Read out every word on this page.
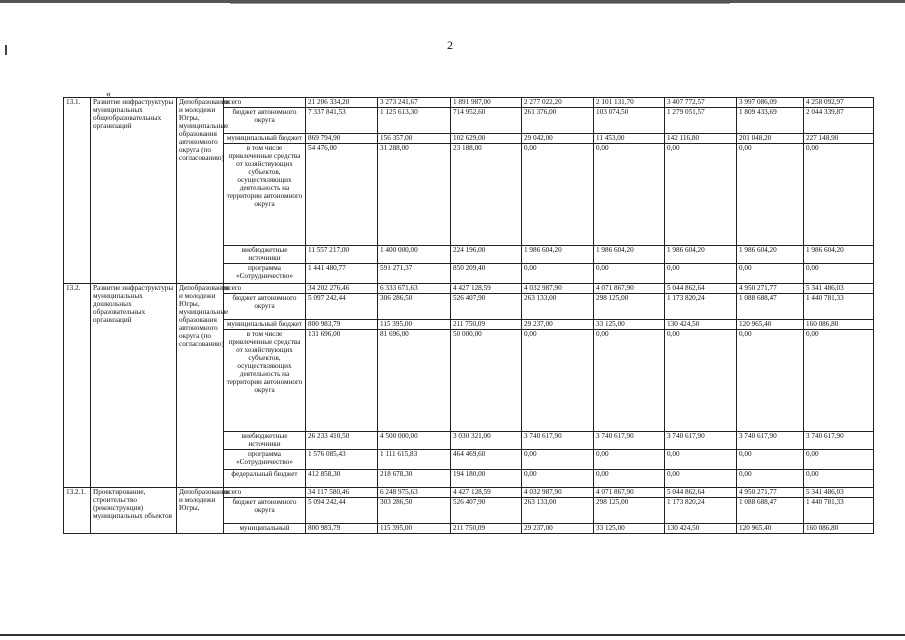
2
«
13.1.	Развитие инфраструктуры муниципальных общеобразовательных организаций	Депобразования и молодежи Югры, муниципальные образования автономного округа (по согласованию)	всего	21 206 334,20	3 273 241,67	1 891 987,00	2 277 022,20	2 101 131,70	3 407 772,57	3 997 086,09	4 258 092,97
			бюджет автономного округа	7 337 841,53	1 125 613,30	714 952,60	261 376,00	103 074,50	1 279 051,57	1 809 433,69	2 044 339,87
			муниципальный бюджет	869 794,90	156 357,00	102 629,00	29 042,00	11 453,00	142 116,80	201 048,20	227 148,90
			в том числе привлеченные средства от хозяйствующих субъектов, осуществляющих деятельность на территории автономного округа	54 476,00	31 288,00	23 188,00	0,00	0,00	0,00	0,00	0,00
			внебюджетные источники	11 557 217,00	1 400 000,00	224 196,00	1 986 604,20	1 986 604,20	1 986 604,20	1 986 604,20	1 986 604,20
			программа «Сотрудничество»	1 441 480,77	591 271,37	850 209,40	0,00	0,00	0,00	0,00	0,00
13.2.	Развитие инфраструктуры муниципальных дошкольных образовательных организаций	Депобразования и молодежи Югры, муниципальные образования автономного округа (по согласованию)	всего	34 202 276,46	6 333 671,63	4 427 128,59	4 032 987,90	4 071 867,90	5 044 862,64	4 950 271,77	5 341 486,03
			бюджет автономного округа	5 097 242,44	306 286,50	526 407,90	263 133,00	298 125,00	1 173 820,24	1 088 688,47	1 440 781,33
			муниципальный бюджет	800 983,79	115 395,00	211 750,09	29 237,00	33 125,00	130 424,50	120 965,40	160 086,80
			в том числе привлеченные средства от хозяйствующих субъектов, осуществляющих деятельность на территории автономного округа	131 696,00	81 696,00	50 000,00	0,00	0,00	0,00	0,00	0,00
			внебюджетные источники	26 233 410,50	4 500 000,00	3 030 321,00	3 740 617,90	3 740 617,90	3 740 617,90	3 740 617,90	3 740 617,90
			программа «Сотрудничество»	1 576 085,43	1 111 615,83	464 469,60	0,00	0,00	0,00	0,00	0,00
			федеральный бюджет	412 858,30	218 678,30	194 180,00	0,00	0,00	0,00	0,00	0,00
13.2.1.	Проектирование, строительство (реконструкция) муниципальных объектов	Депобразования и молодежи Югры,	всего	34 117 580,46	6 248 975,63	4 427 128,59	4 032 987,90	4 071 867,90	5 044 862,64	4 950 271,77	5 341 486,03
			бюджет автономного округа	5 094 242,44	303 286,50	526 407,90	263 133,00	298 125,00	1 173 820,24	1 088 688,47	1 440 781,33
			муниципальный	800 983,79	115 395,00	211 750,09	29 237,00	33 125,00	130 424,50	120 965,40	160 086,80
